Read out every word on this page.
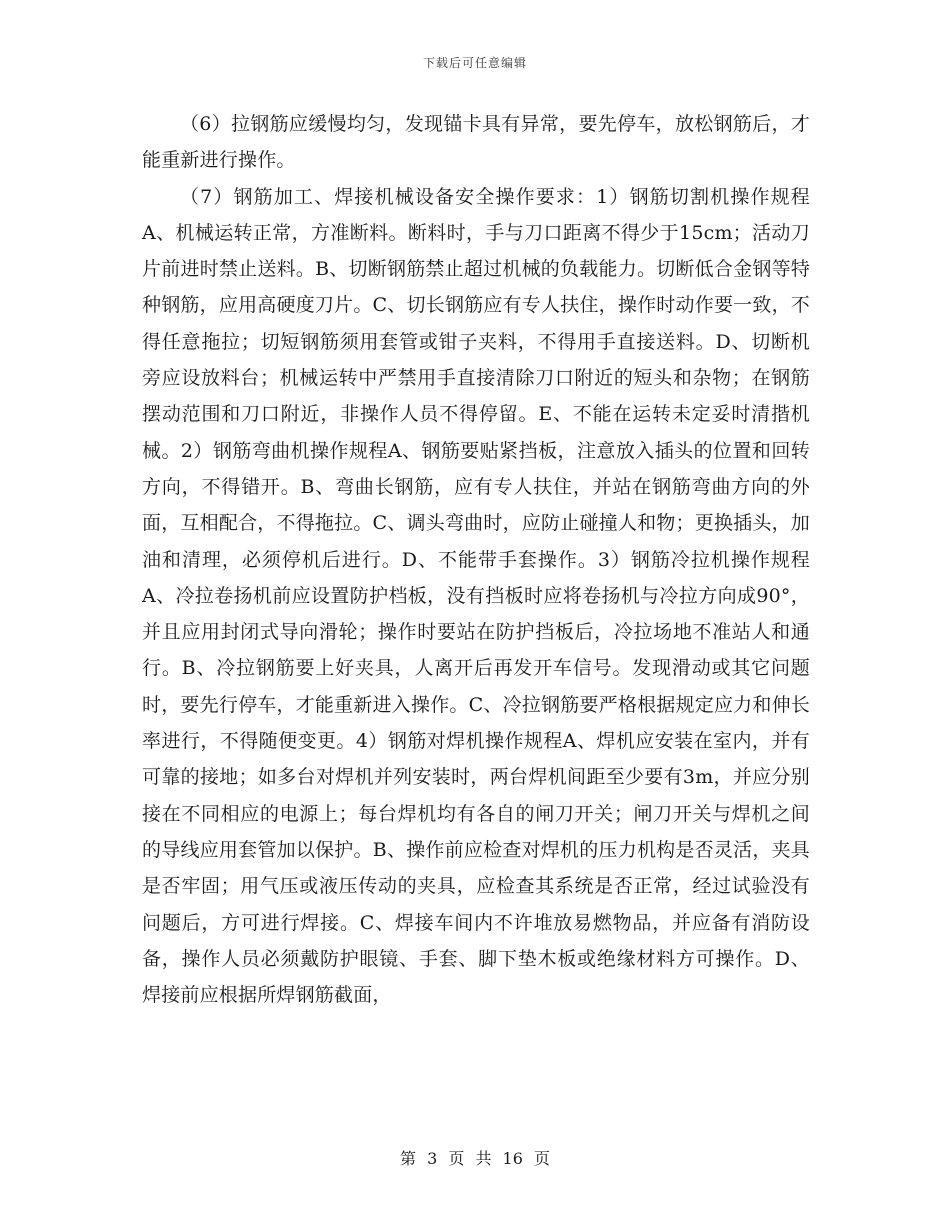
下载后可任意编辑

（6）拉钢筋应缓慢均匀，发现锚卡具有异常，要先停车，放松钢筋后，才能重新进行操作。

（7）钢筋加工、焊接机械设备安全操作要求：1）钢筋切割机操作规程A、机械运转正常，方准断料。断料时，手与刀口距离不得少于15cm；活动刀片前进时禁止送料。B、切断钢筋禁止超过机械的负载能力。切断低合金钢等特种钢筋，应用高硬度刀片。C、切长钢筋应有专人扶住，操作时动作要一致，不得任意拖拉；切短钢筋须用套管或钳子夹料，不得用手直接送料。D、切断机旁应设放料台；机械运转中严禁用手直接清除刀口附近的短头和杂物；在钢筋摆动范围和刀口附近，非操作人员不得停留。E、不能在运转未定妥时清揩机械。2）钢筋弯曲机操作规程A、钢筋要贴紧挡板，注意放入插头的位置和回转方向，不得错开。B、弯曲长钢筋，应有专人扶住，并站在钢筋弯曲方向的外面，互相配合，不得拖拉。C、调头弯曲时，应防止碰撞人和物；更换插头，加油和清理，必须停机后进行。D、不能带手套操作。3）钢筋冷拉机操作规程A、冷拉卷扬机前应设置防护档板，没有挡板时应将卷扬机与冷拉方向成90°，并且应用封闭式导向滑轮；操作时要站在防护挡板后，冷拉场地不准站人和通行。B、冷拉钢筋要上好夹具，人离开后再发开车信号。发现滑动或其它问题时，要先行停车，才能重新进入操作。C、冷拉钢筋要严格根据规定应力和伸长率进行，不得随便变更。4）钢筋对焊机操作规程A、焊机应安装在室内，并有可靠的接地；如多台对焊机并列安装时，两台焊机间距至少要有3m，并应分别接在不同相应的电源上；每台焊机均有各自的闸刀开关；闸刀开关与焊机之间的导线应用套管加以保护。B、操作前应检查对焊机的压力机构是否灵活，夹具是否牢固；用气压或液压传动的夹具，应检查其系统是否正常，经过试验没有问题后，方可进行焊接。C、焊接车间内不许堆放易燃物品，并应备有消防设备，操作人员必须戴防护眼镜、手套、脚下垫木板或绝缘材料方可操作。D、焊接前应根据所焊钢筋截面，

第 3 页 共 16 页
